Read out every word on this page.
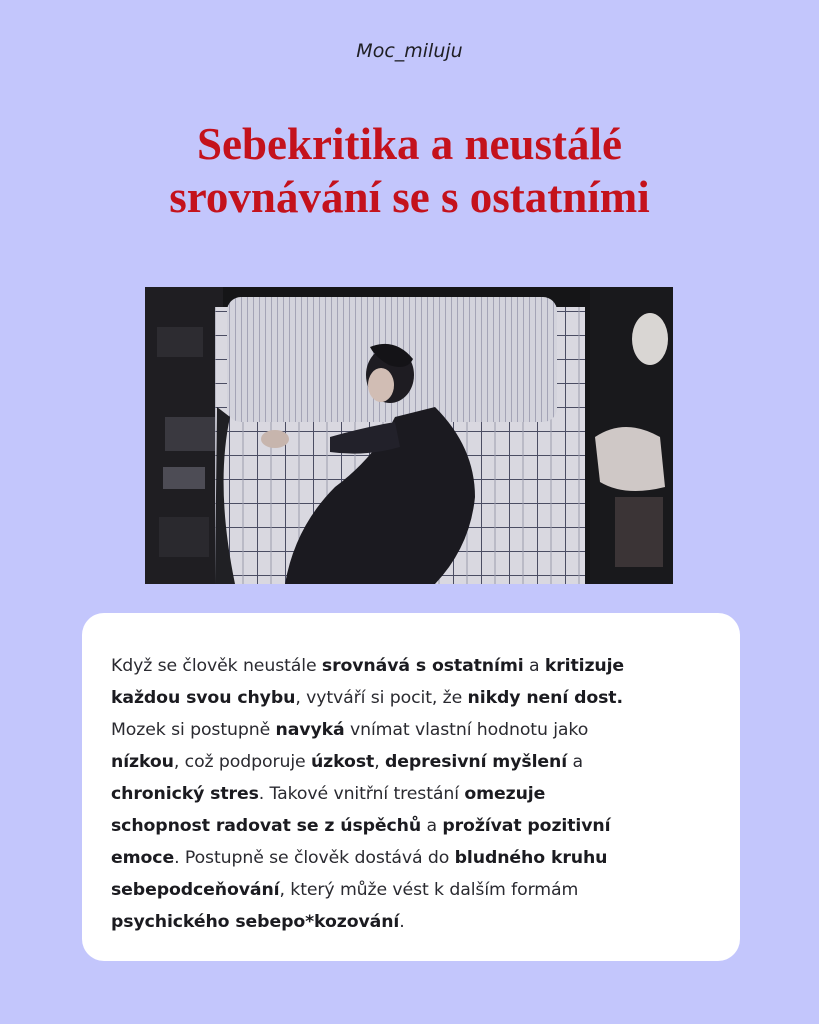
Moc_miluju
Sebekritika a neustálé
srovnávání se s ostatními

Když se člověk neustále srovnává s ostatními a kritizuje
každou svou chybu, vytváří si pocit, že nikdy není dost.
Mozek si postupně navyká vnímat vlastní hodnotu jako
nízkou, což podporuje úzkost, depresivní myšlení a
chronický stres. Takové vnitřní trestání omezuje
schopnost radovat se z úspěchů a prožívat pozitivní
emoce. Postupně se člověk dostává do bludného kruhu
sebepodceňování, který může vést k dalším formám
psychického sebepo*kozování.
